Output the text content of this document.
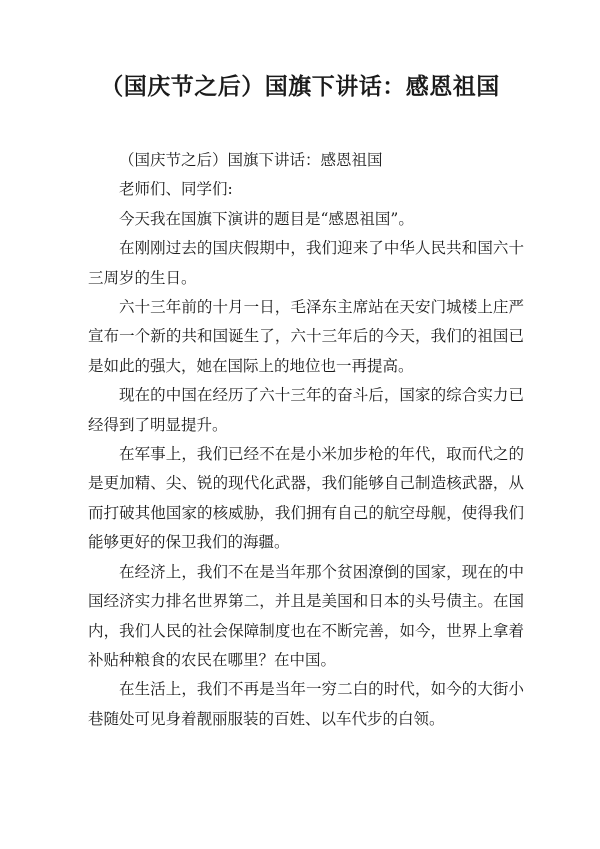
（国庆节之后）国旗下讲话：感恩祖国

（国庆节之后）国旗下讲话：感恩祖国

老师们、同学们:

今天我在国旗下演讲的题目是“感恩祖国”。

在刚刚过去的国庆假期中，我们迎来了中华人民共和国六十三周岁的生日。

六十三年前的十月一日，毛泽东主席站在天安门城楼上庄严宣布一个新的共和国诞生了，六十三年后的今天，我们的祖国已是如此的强大，她在国际上的地位也一再提高。

现在的中国在经历了六十三年的奋斗后，国家的综合实力已经得到了明显提升。

在军事上，我们已经不在是小米加步枪的年代，取而代之的是更加精、尖、锐的现代化武器，我们能够自己制造核武器，从而打破其他国家的核威胁，我们拥有自己的航空母舰，使得我们能够更好的保卫我们的海疆。

在经济上，我们不在是当年那个贫困潦倒的国家，现在的中国经济实力排名世界第二，并且是美国和日本的头号债主。在国内，我们人民的社会保障制度也在不断完善，如今，世界上拿着补贴种粮食的农民在哪里？在中国。

在生活上，我们不再是当年一穷二白的时代，如今的大街小巷随处可见身着靓丽服装的百姓、以车代步的白领。
